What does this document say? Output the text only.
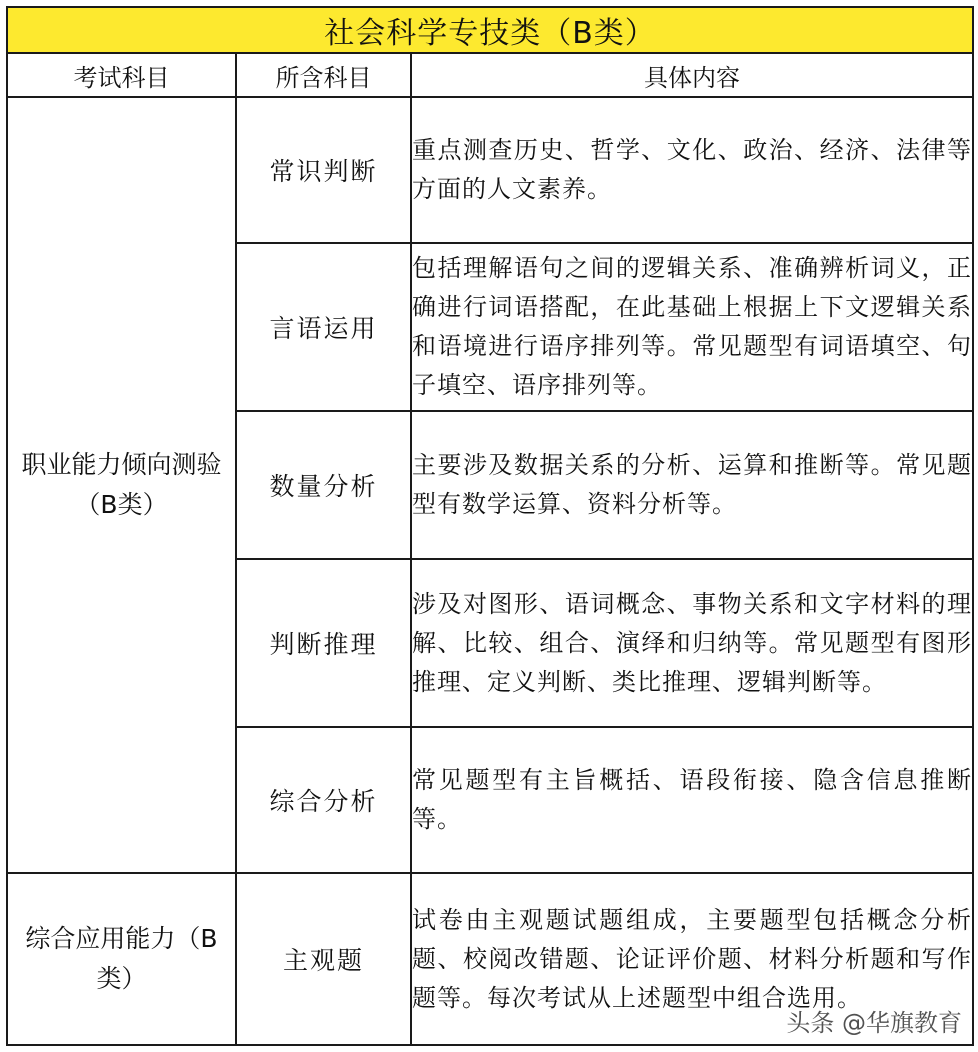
社会科学专技类（B类）		
考试科目	所含科目	具体内容
职业能力倾向测验（B类）	常识判断	重点测查历史、哲学、文化、政治、经济、法律等方面的人文素养。
	言语运用	包括理解语句之间的逻辑关系、准确辨析词义，正确进行词语搭配，在此基础上根据上下文逻辑关系和语境进行语序排列等。常见题型有词语填空、句子填空、语序排列等。
	数量分析	主要涉及数据关系的分析、运算和推断等。常见题型有数学运算、资料分析等。
	判断推理	涉及对图形、语词概念、事物关系和文字材料的理解、比较、组合、演绎和归纳等。常见题型有图形推理、定义判断、类比推理、逻辑判断等。
	综合分析	常见题型有主旨概括、语段衔接、隐含信息推断等。
综合应用能力（B类）	主观题	试卷由主观题试题组成，主要题型包括概念分析题、校阅改错题、论证评价题、材料分析题和写作题等。每次考试从上述题型中组合选用。
头条 @华旗教育
